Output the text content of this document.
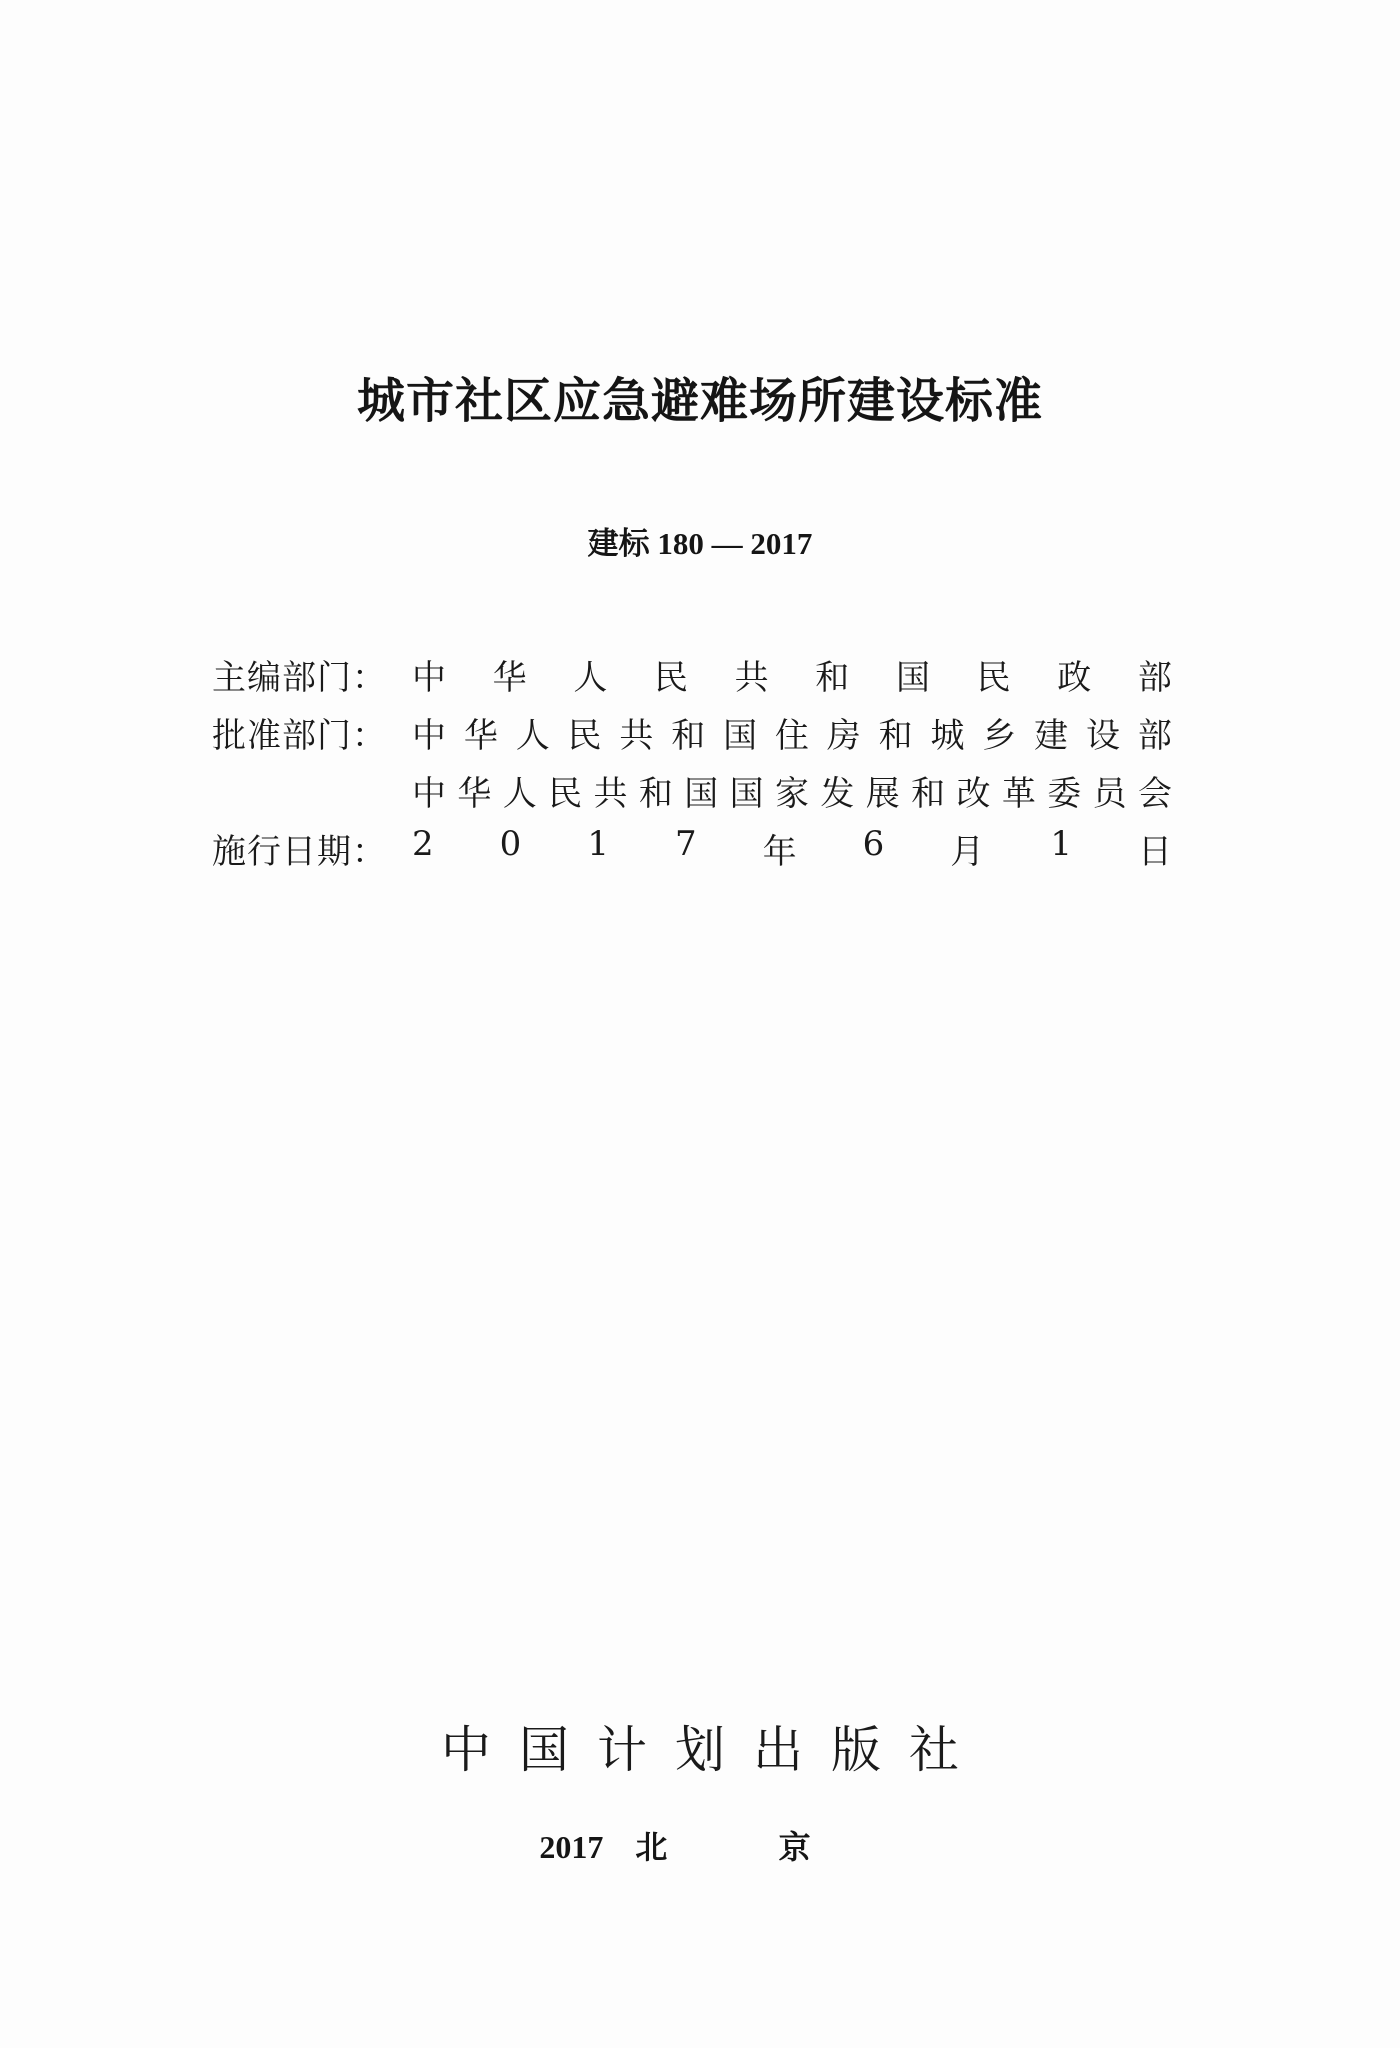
城市社区应急避难场所建设标准
建标 180 — 2017
主编部门： 中 华 人 民 共 和 国 民 政 部
批准部门： 中 华 人 民 共 和 国 住 房 和 城 乡 建 设 部
中 华 人 民 共 和 国 国 家 发 展 和 改 革 委 员 会
施行日期： 2 0 1 7 年 6 月 1 日
中国计划出版社
2017 北 京
